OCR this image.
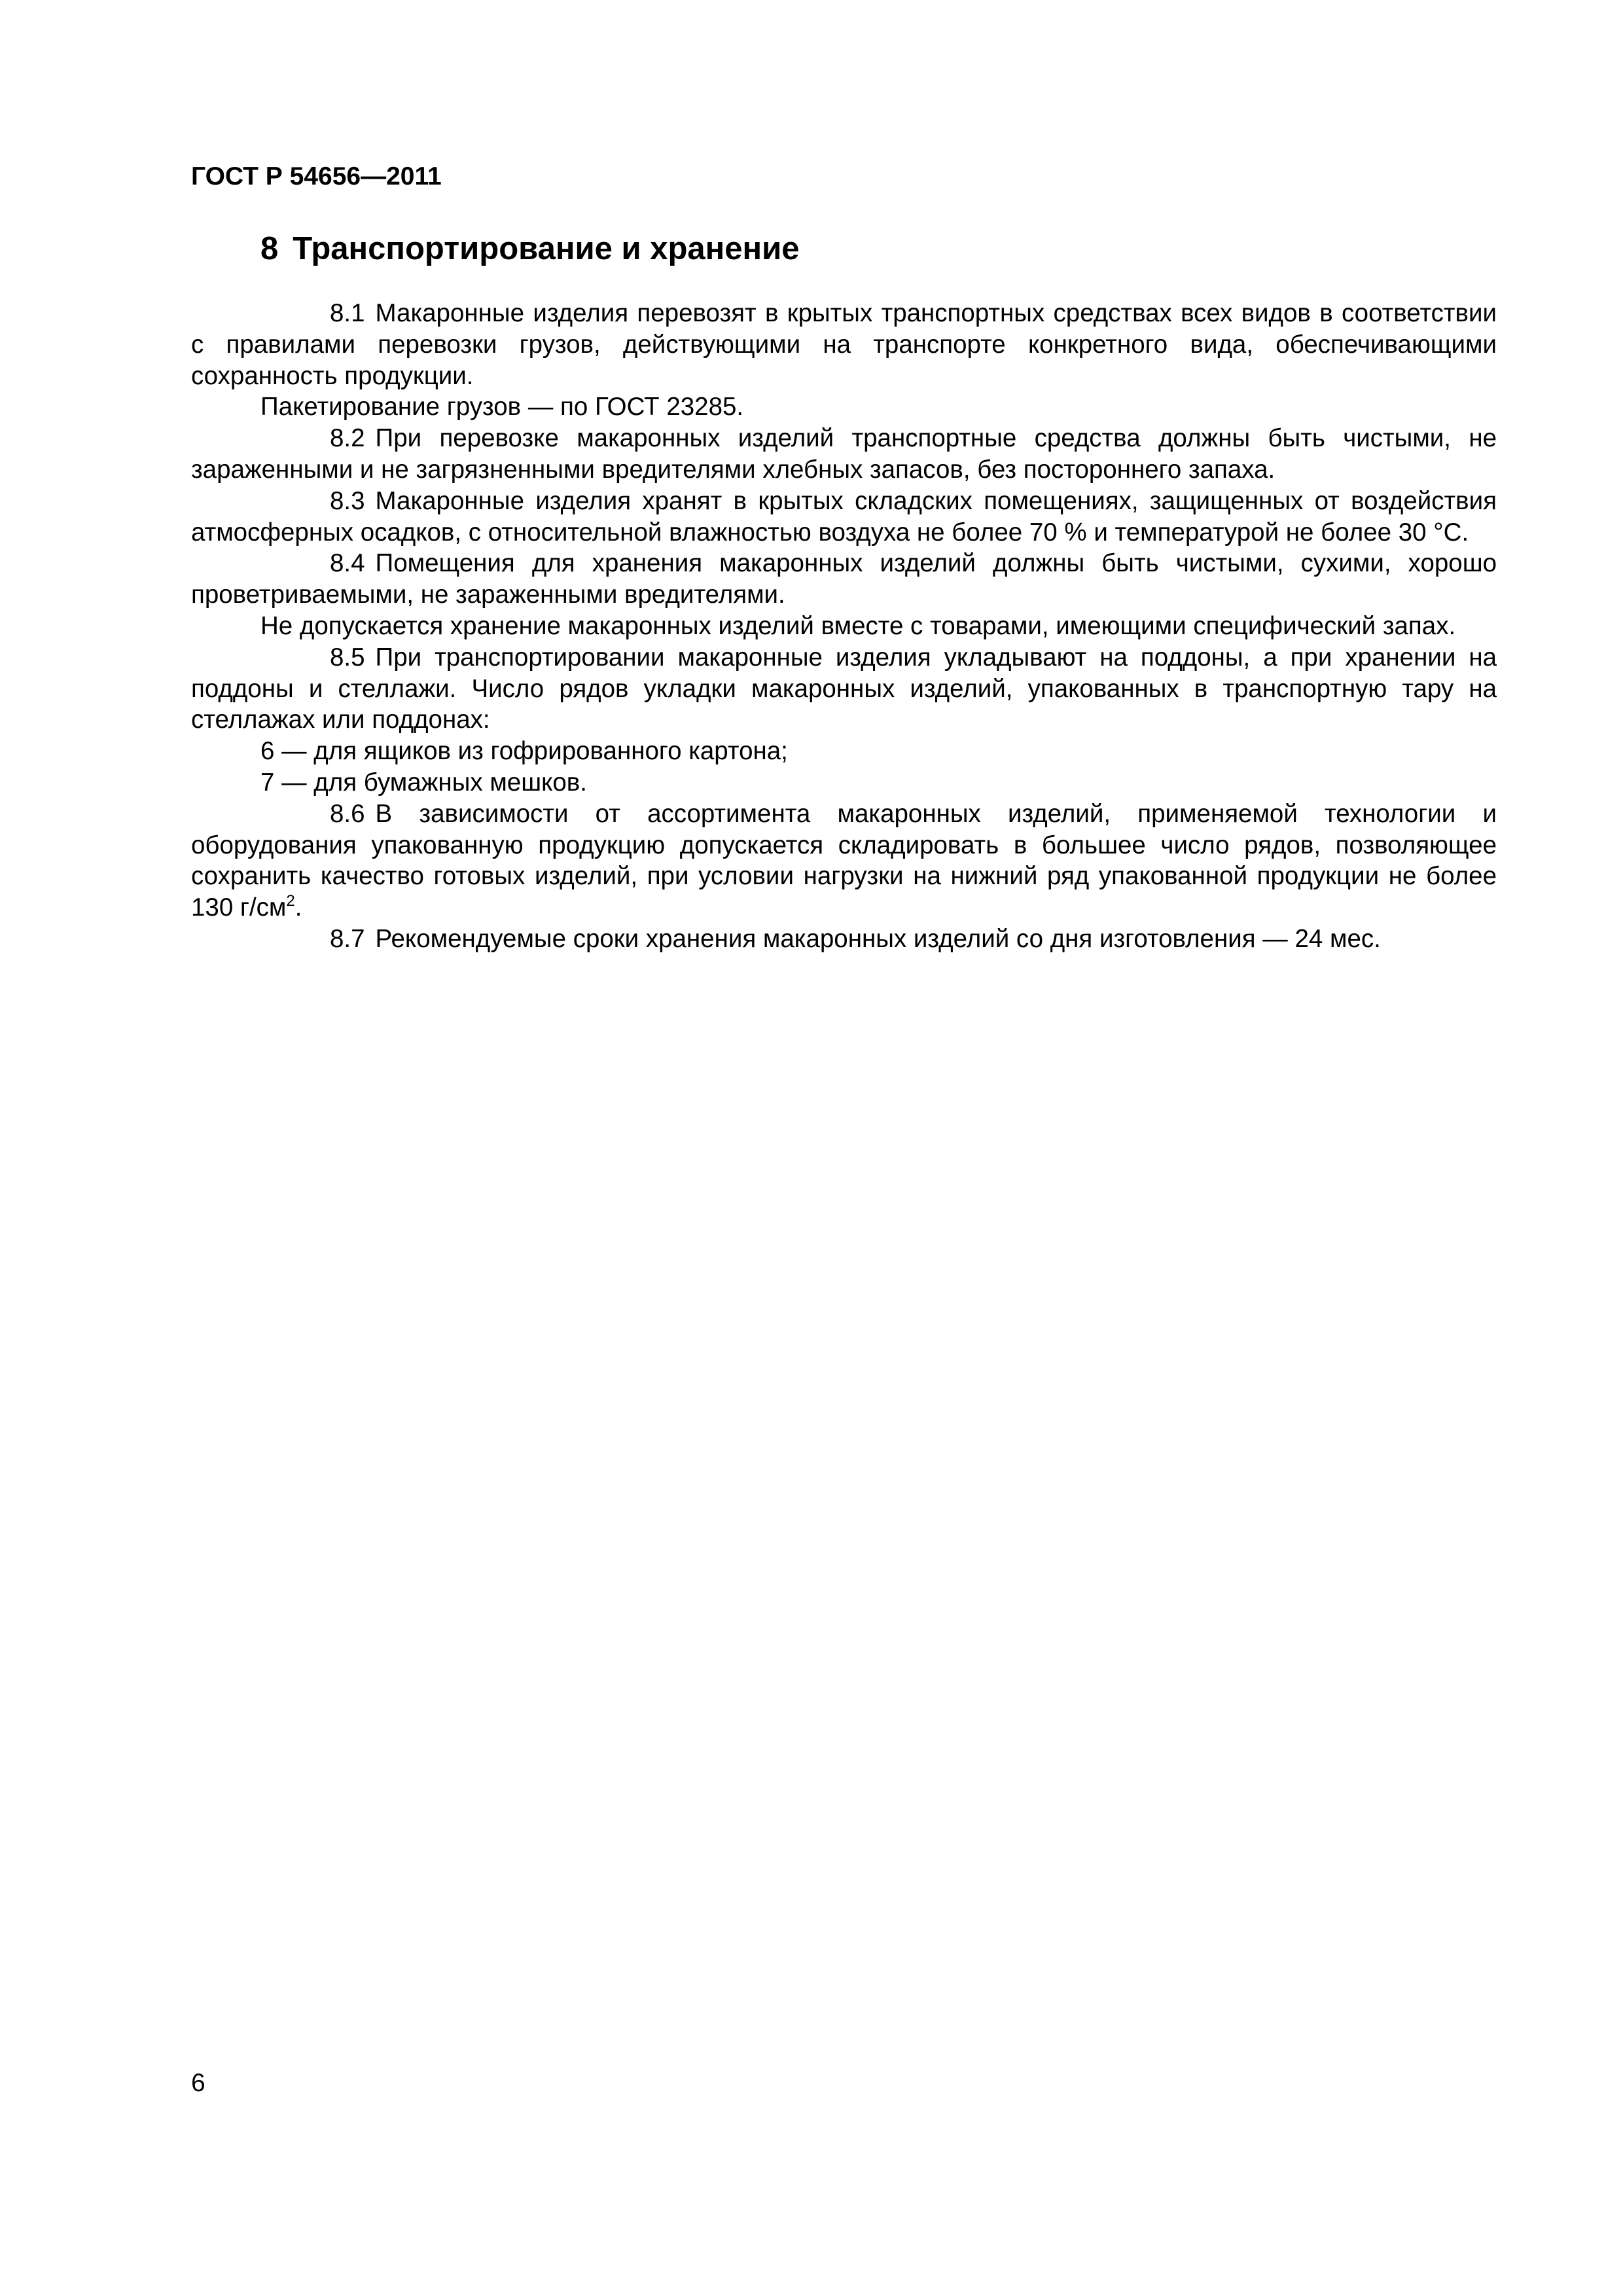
ГОСТ Р 54656—2011
8 Транспортирование и хранение

8.1 Макаронные изделия перевозят в крытых транспортных средствах всех видов в соответствии с правилами перевозки грузов, действующими на транспорте конкретного вида, обеспечивающими сохранность продукции.

Пакетирование грузов — по ГОСТ 23285.

8.2 При перевозке макаронных изделий транспортные средства должны быть чистыми, не зараженными и не загрязненными вредителями хлебных запасов, без постороннего запаха.

8.3 Макаронные изделия хранят в крытых складских помещениях, защищенных от воздействия атмосферных осадков, с относительной влажностью воздуха не более 70 % и температурой не более 30 °С.

8.4 Помещения для хранения макаронных изделий должны быть чистыми, сухими, хорошо проветриваемыми, не зараженными вредителями.

Не допускается хранение макаронных изделий вместе с товарами, имеющими специфический запах.

8.5 При транспортировании макаронные изделия укладывают на поддоны, а при хранении на поддоны и стеллажи. Число рядов укладки макаронных изделий, упакованных в транспортную тару на стеллажах или поддонах:

6 — для ящиков из гофрированного картона;

7 — для бумажных мешков.

8.6 В зависимости от ассортимента макаронных изделий, применяемой технологии и оборудования упакованную продукцию допускается складировать в большее число рядов, позволяющее сохранить качество готовых изделий, при условии нагрузки на нижний ряд упакованной продукции не более 130 $г/см^2$.

8.7 Рекомендуемые сроки хранения макаронных изделий со дня изготовления — 24 мес.

6
